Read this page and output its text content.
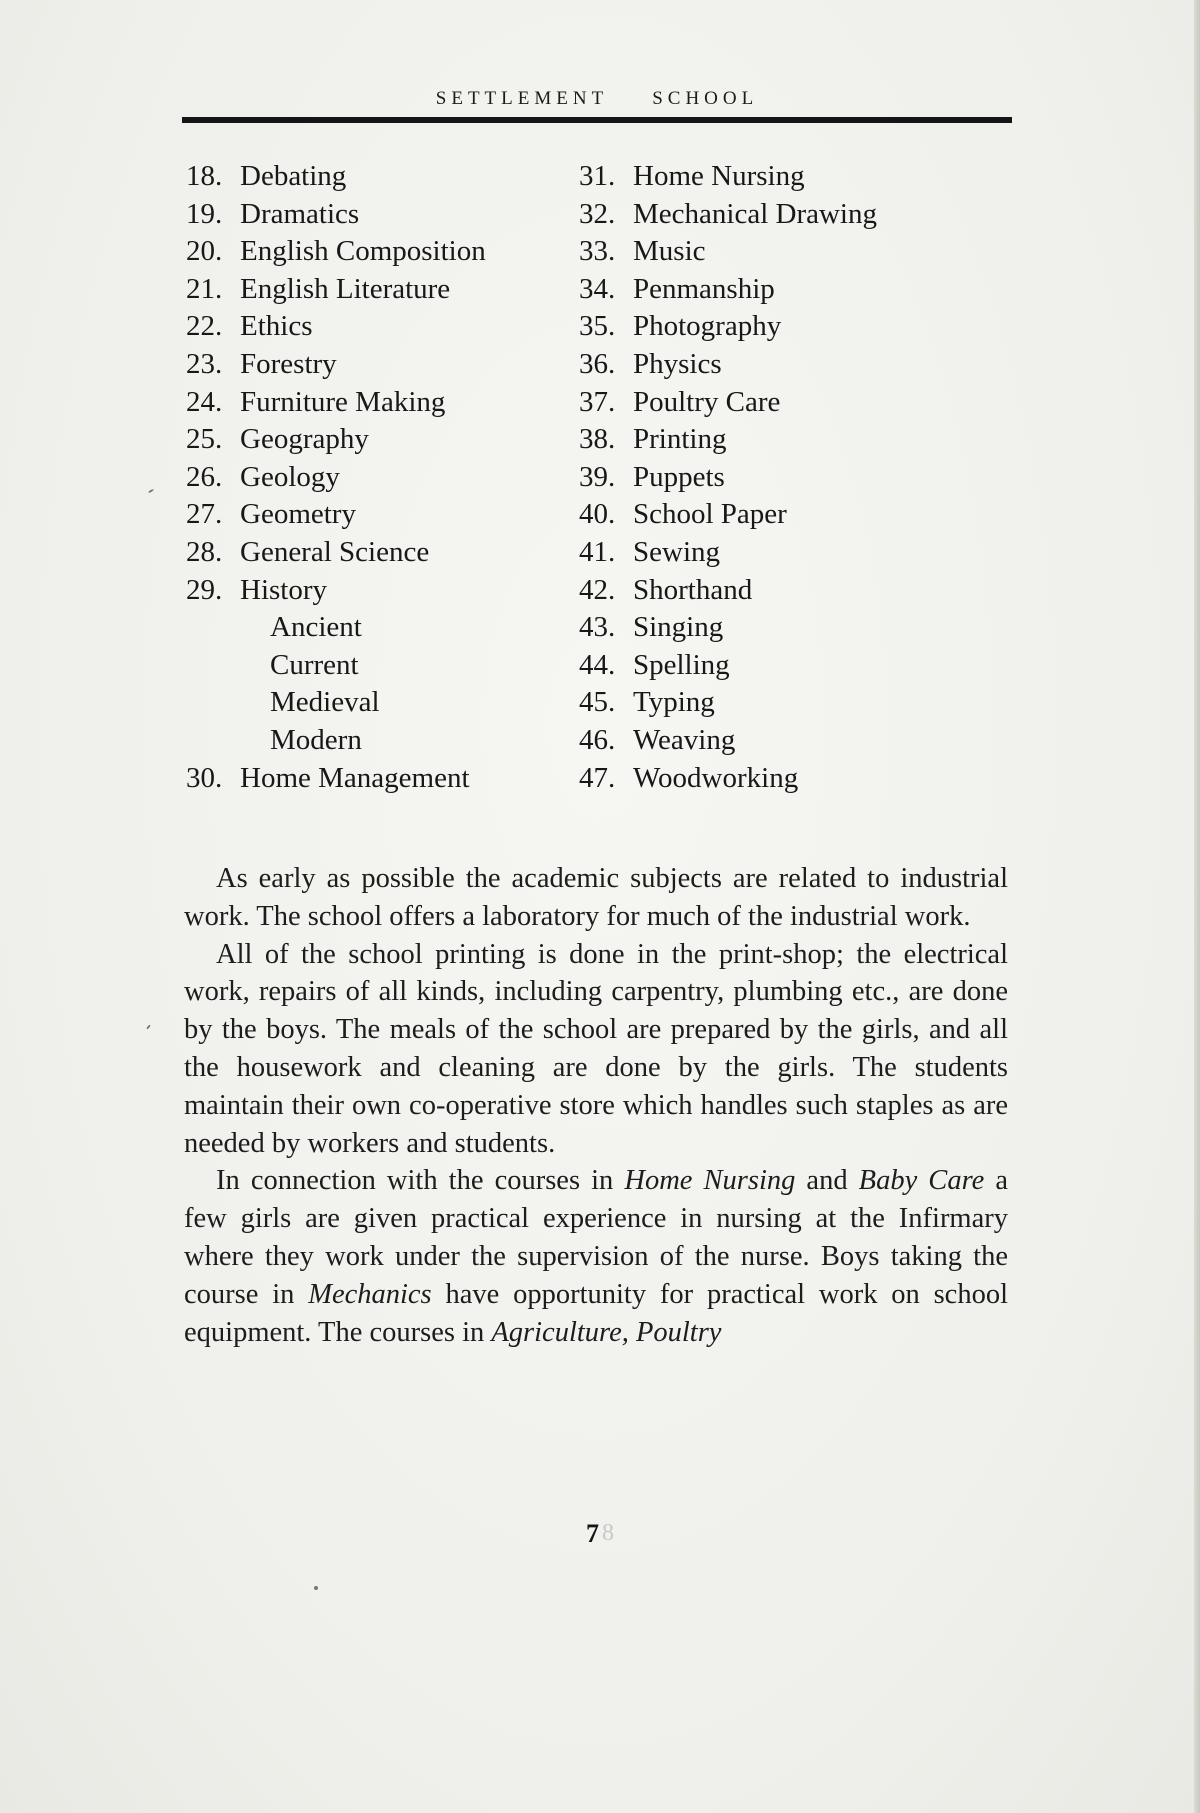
SETTLEMENT SCHOOL
18. Debating
19. Dramatics
20. English Composition
21. English Literature
22. Ethics
23. Forestry
24. Furniture Making
25. Geography
26. Geology
27. Geometry
28. General Science
29. History
Ancient
Current
Medieval
Modern
30. Home Management
31. Home Nursing
32. Mechanical Drawing
33. Music
34. Penmanship
35. Photography
36. Physics
37. Poultry Care
38. Printing
39. Puppets
40. School Paper
41. Sewing
42. Shorthand
43. Singing
44. Spelling
45. Typing
46. Weaving
47. Woodworking

As early as possible the academic subjects are related to industrial work. The school offers a laboratory for much of the industrial work.

All of the school printing is done in the print-shop; the electrical work, repairs of all kinds, including carpentry, plumbing etc., are done by the boys. The meals of the school are prepared by the girls, and all the housework and cleaning are done by the girls. The students maintain their own co-operative store which handles such staples as are needed by workers and students.

In connection with the courses in Home Nursing and Baby Care a few girls are given practical experience in nursing at the Infirmary where they work under the supervision of the nurse. Boys taking the course in Mechanics have opportunity for practical work on school equipment. The courses in Agriculture, Poultry

7 8
